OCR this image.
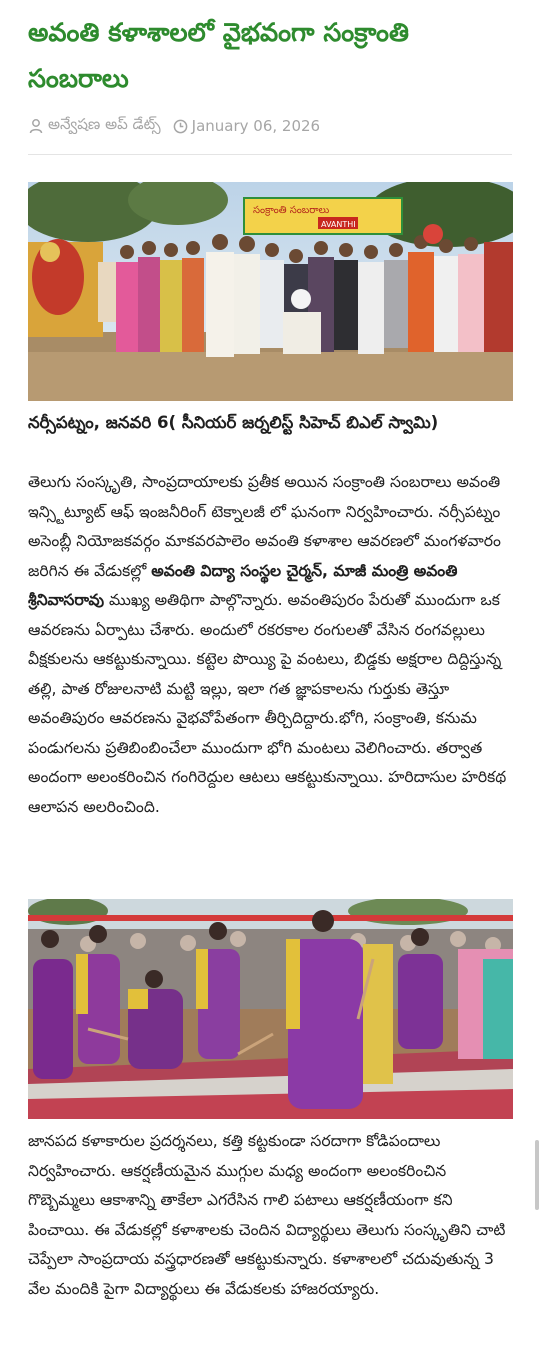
అవంతి కళాశాలలో వైభవంగా సంక్రాంతి సంబరాలు
అన్వేషణ అప్ డేట్స్ January 06, 2026
సంక్రాంతి సంబరాలు
AVANTHI

నర్సీపట్నం, జనవరి 6( సీనియర్ జర్నలిస్ట్ సిహెచ్ బిఎల్ స్వామి)

తెలుగు సంస్కృతి, సాంప్రదాయాలకు ప్రతీక అయిన సంక్రాంతి సంబరాలు అవంతి ఇన్స్టిట్యూట్ ఆఫ్ ఇంజనీరింగ్ టెక్నాలజీ లో ఘనంగా నిర్వహించారు. నర్సీపట్నం అసెంబ్లీ నియోజకవర్గం మాకవరపాలెం అవంతి కళాశాల ఆవరణలో మంగళవారం జరిగిన ఈ వేడుకల్లో అవంతి విద్యా సంస్థల చైర్మన్, మాజీ మంత్రి అవంతి శ్రీనివాసరావు ముఖ్య అతిథిగా పాల్గొన్నారు. అవంతిపురం పేరుతో ముందుగా ఒక ఆవరణను ఏర్పాటు చేశారు. అందులో రకరకాల రంగులతో వేసిన రంగవల్లులు వీక్షకులను ఆకట్టుకున్నాయి. కట్టెల పొయ్యి పై వంటలు, బిడ్డకు అక్షరాల దిద్దిస్తున్న తల్లి, పాత రోజులనాటి మట్టి ఇల్లు, ఇలా గత జ్ఞాపకాలను గుర్తుకు తెస్తూ అవంతిపురం ఆవరణను వైభవోపేతంగా తీర్చిదిద్దారు.భోగి, సంక్రాంతి, కనుమ పండుగలను ప్రతిబింబించేలా ముందుగా భోగి మంటలు వెలిగించారు. తర్వాత అందంగా అలంకరించిన గంగిరెద్దుల ఆటలు ఆకట్టుకున్నాయి. హరిదాసుల హరికథ ఆలాపన అలరించింది.

జానపద కళాకారుల ప్రదర్శనలు, కత్తి కట్టకుండా సరదాగా కోడిపందాలు నిర్వహించారు. ఆకర్షణీయమైన ముగ్గుల మధ్య అందంగా అలంకరించిన గొబ్బెమ్మలు ఆకాశాన్ని తాకేలా ఎగరేసిన గాలి పటాలు ఆకర్షణీయంగా కని పించాయి. ఈ వేడుకల్లో కళాశాలకు చెందిన విద్యార్థులు తెలుగు సంస్కృతిని చాటి చెప్పేలా సాంప్రదాయ వస్త్రధారణతో ఆకట్టుకున్నారు. కళాశాలలో చదువుతున్న 3 వేల మందికి పైగా విద్యార్థులు ఈ వేడుకలకు హాజరయ్యారు.
